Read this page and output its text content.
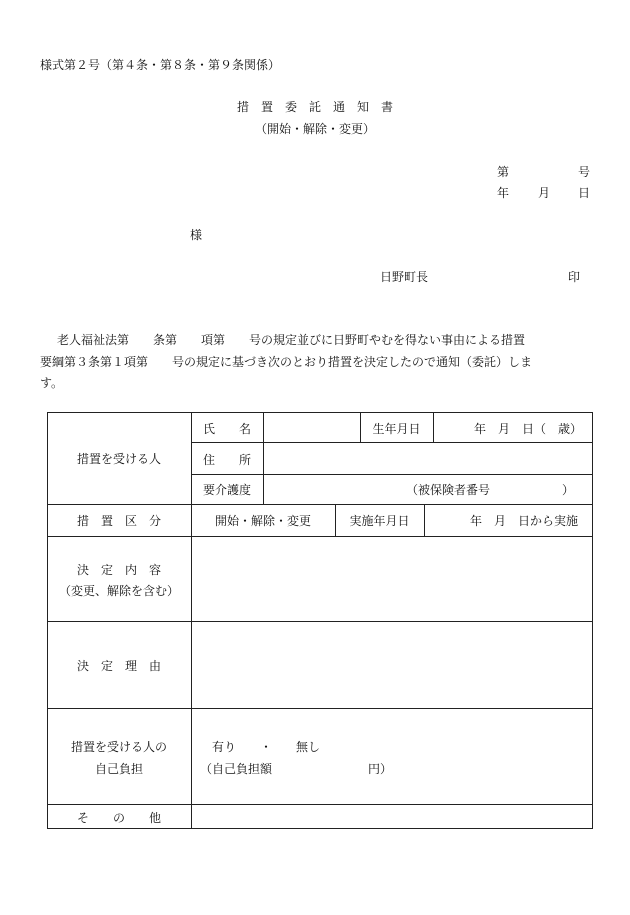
様式第２号（第４条・第８条・第９条関係）
措　置　委　託　通　知　書
（開始・解除・変更）
第	号
年 月 日
様
日野町長	印
老人福祉法第　　条第　　項第　　号の規定並びに日野町やむを得ない事由による措置
要綱第３条第１項第　　号の規定に基づき次のとおり措置を決定したので通知（委託）しま
す。
措置を受ける人
氏　　名	生年月日	年　月　日（　歳）
住　　所
要介護度	（被保険者番号　　　　　　）
措　置　区　分	開始・解除・変更	実施年月日	年　月　日から実施
決　定　内　容
（変更、解除を含む）
決　定　理　由
措置を受ける人の
自己負担
有り　　・　　無し
（自己負担額　　　　　　　　円）
そ　　の　　他
